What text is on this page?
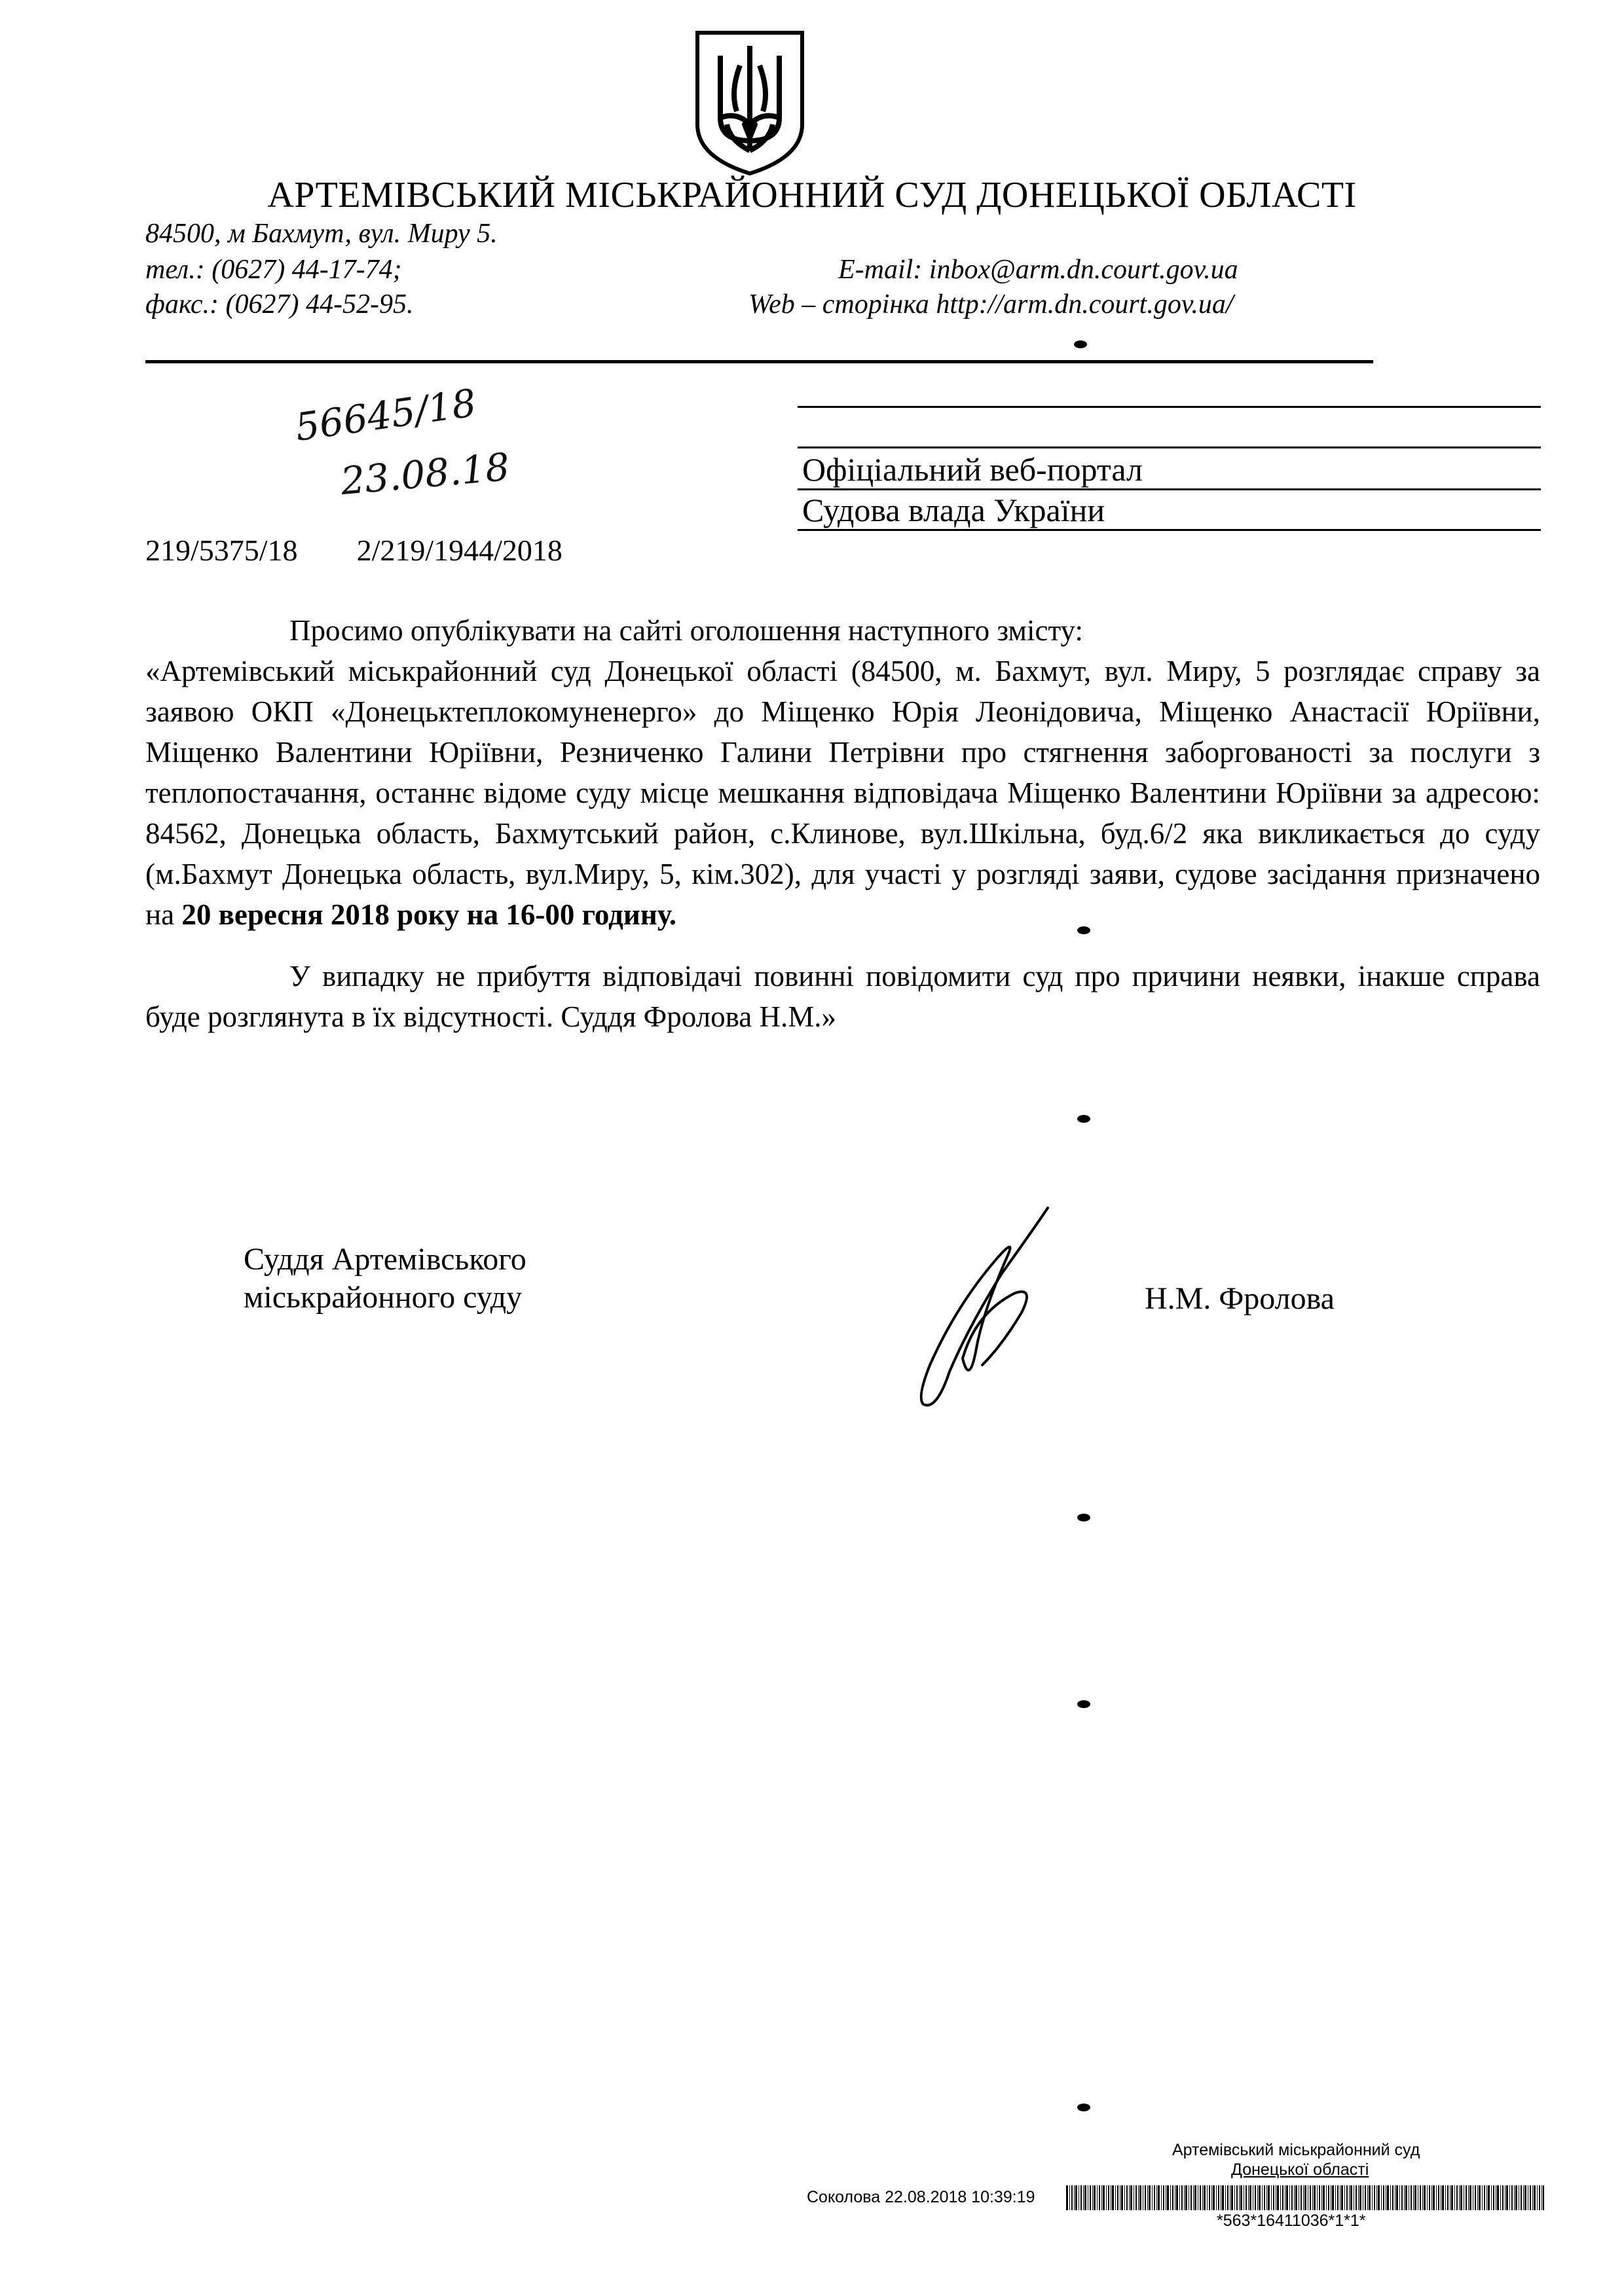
АРТЕМІВСЬКИЙ МІСЬКРАЙОННИЙ СУД ДОНЕЦЬКОЇ ОБЛАСТІ
84500, м Бахмут, вул. Миру 5.
тел.: (0627) 44-17-74;
факс.: (0627) 44-52-95.
E-mail: inbox@arm.dn.court.gov.ua
Web – сторінка http://arm.dn.court.gov.ua/
56645/18
23.08.18	Офіціальний веб-портал
Судова влада України
219/5375/18 2/219/1944/2018
Просимо опублікувати на сайті оголошення наступного змісту:
«Артемівський міськрайонний суд Донецької області (84500, м. Бахмут, вул. Миру, 5 розглядає справу за заявою ОКП «Донецьктеплокомуненерго» до Міщенко Юрія Леонідовича, Міщенко Анастасії Юріївни, Міщенко Валентини Юріївни, Резниченко Галини Петрівни про стягнення заборгованості за послуги з теплопостачання, останнє відоме суду місце мешкання відповідача Міщенко Валентини Юріївни за адресою: 84562, Донецька область, Бахмутський район, с.Клинове, вул.Шкільна, буд.6/2 яка викликається до суду (м.Бахмут Донецька область, вул.Миру, 5, кім.302), для участі у розгляді заяви, судове засідання призначено на 20 вересня 2018 року на 16-00 годину.
У випадку не прибуття відповідачі повинні повідомити суд про причини неявки, інакше справа буде розглянута в їх відсутності. Суддя Фролова Н.М.»
Суддя Артемівського
міськрайонного суду	Н.М. Фролова
Артемівський міськрайонний суд
Донецької області
Соколова 22.08.2018 10:39:19
*563*16411036*1*1*
